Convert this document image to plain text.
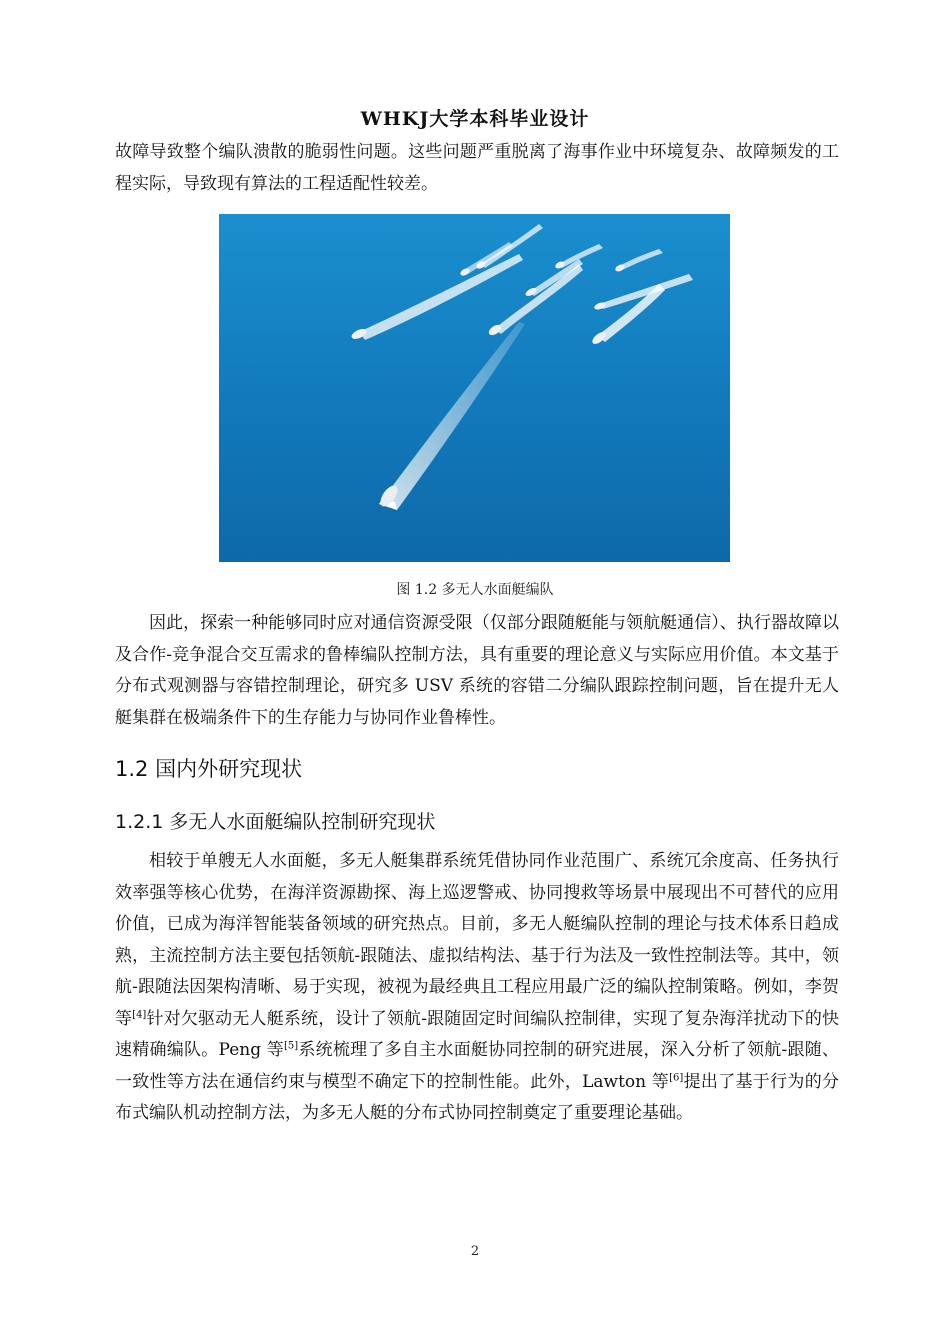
WHKJ大学本科毕业设计

故障导致整个编队溃散的脆弱性问题。这些问题严重脱离了海事作业中环境复杂、故障频发的工程实际，导致现有算法的工程适配性较差。

图 1.2 多无人水面艇编队

因此，探索一种能够同时应对通信资源受限（仅部分跟随艇能与领航艇通信）、执行器故障以及合作-竞争混合交互需求的鲁棒编队控制方法，具有重要的理论意义与实际应用价值。本文基于分布式观测器与容错控制理论，研究多 USV 系统的容错二分编队跟踪控制问题，旨在提升无人艇集群在极端条件下的生存能力与协同作业鲁棒性。

1.2 国内外研究现状
1.2.1 多无人水面艇编队控制研究现状

相较于单艘无人水面艇，多无人艇集群系统凭借协同作业范围广、系统冗余度高、任务执行效率强等核心优势，在海洋资源勘探、海上巡逻警戒、协同搜救等场景中展现出不可替代的应用价值，已成为海洋智能装备领域的研究热点。目前，多无人艇编队控制的理论与技术体系日趋成熟，主流控制方法主要包括领航-跟随法、虚拟结构法、基于行为法及一致性控制法等。其中，领航-跟随法因架构清晰、易于实现，被视为最经典且工程应用最广泛的编队控制策略。例如，李贺等[4]针对欠驱动无人艇系统，设计了领航-跟随固定时间编队控制律，实现了复杂海洋扰动下的快速精确编队。Peng 等[5]系统梳理了多自主水面艇协同控制的研究进展，深入分析了领航-跟随、一致性等方法在通信约束与模型不确定下的控制性能。此外，Lawton 等[6]提出了基于行为的分布式编队机动控制方法，为多无人艇的分布式协同控制奠定了重要理论基础。

2
